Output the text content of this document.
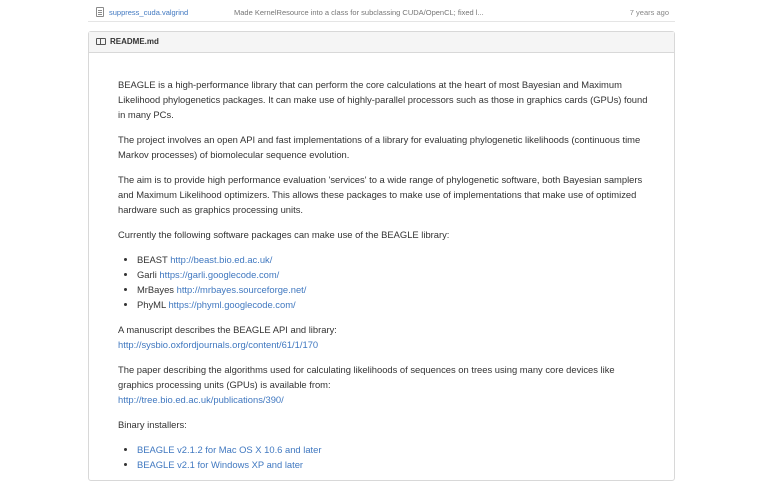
suppress_cuda.valgrind	Made KernelResource into a class for subclassing CUDA/OpenCL; fixed l...	7 years ago
README.md

BEAGLE is a high-performance library that can perform the core calculations at the heart of most Bayesian and Maximum Likelihood phylogenetics packages. It can make use of highly-parallel processors such as those in graphics cards (GPUs) found in many PCs.

The project involves an open API and fast implementations of a library for evaluating phylogenetic likelihoods (continuous time Markov processes) of biomolecular sequence evolution.

The aim is to provide high performance evaluation 'services' to a wide range of phylogenetic software, both Bayesian samplers and Maximum Likelihood optimizers. This allows these packages to make use of implementations that make use of optimized hardware such as graphics processing units.

Currently the following software packages can make use of the BEAGLE library:

• BEAST http://beast.bio.ed.ac.uk/
• Garli https://garli.googlecode.com/
• MrBayes http://mrbayes.sourceforge.net/
• PhyML https://phyml.googlecode.com/

A manuscript describes the BEAGLE API and library:
http://sysbio.oxfordjournals.org/content/61/1/170

The paper describing the algorithms used for calculating likelihoods of sequences on trees using many core devices like graphics processing units (GPUs) is available from:
http://tree.bio.ed.ac.uk/publications/390/

Binary installers:

• BEAGLE v2.1.2 for Mac OS X 10.6 and later
• BEAGLE v2.1 for Windows XP and later
